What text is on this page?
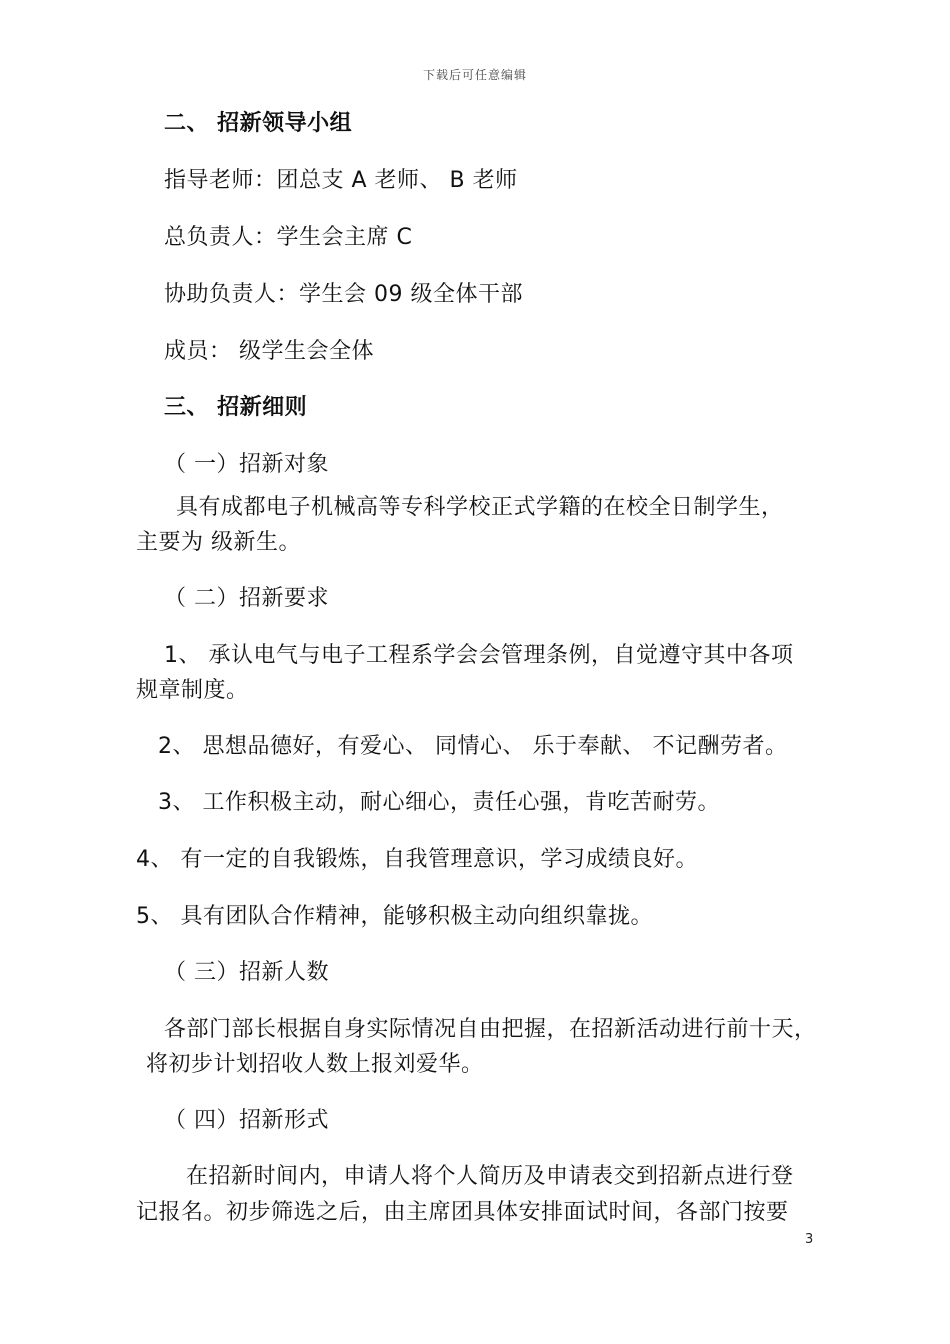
下载后可任意编辑
二、 招新领导小组
指导老师：团总支 A 老师、 B 老师
总负责人：学生会主席 C
协助负责人：学生会 09 级全体干部
成员： 级学生会全体
三、 招新细则
（ 一）招新对象
具有成都电子机械高等专科学校正式学籍的在校全日制学生，
主要为 级新生。
（ 二）招新要求
1、 承认电气与电子工程系学会会管理条例，自觉遵守其中各项
规章制度。
2、 思想品德好，有爱心、 同情心、 乐于奉献、 不记酬劳者。
3、 工作积极主动，耐心细心，责任心强，肯吃苦耐劳。
4、 有一定的自我锻炼，自我管理意识，学习成绩良好。
5、 具有团队合作精神，能够积极主动向组织靠拢。
（ 三）招新人数
各部门部长根据自身实际情况自由把握，在招新活动进行前十天，
将初步计划招收人数上报刘爱华。
（ 四）招新形式
在招新时间内，申请人将个人简历及申请表交到招新点进行登
记报名。初步筛选之后，由主席团具体安排面试时间，各部门按要
3
